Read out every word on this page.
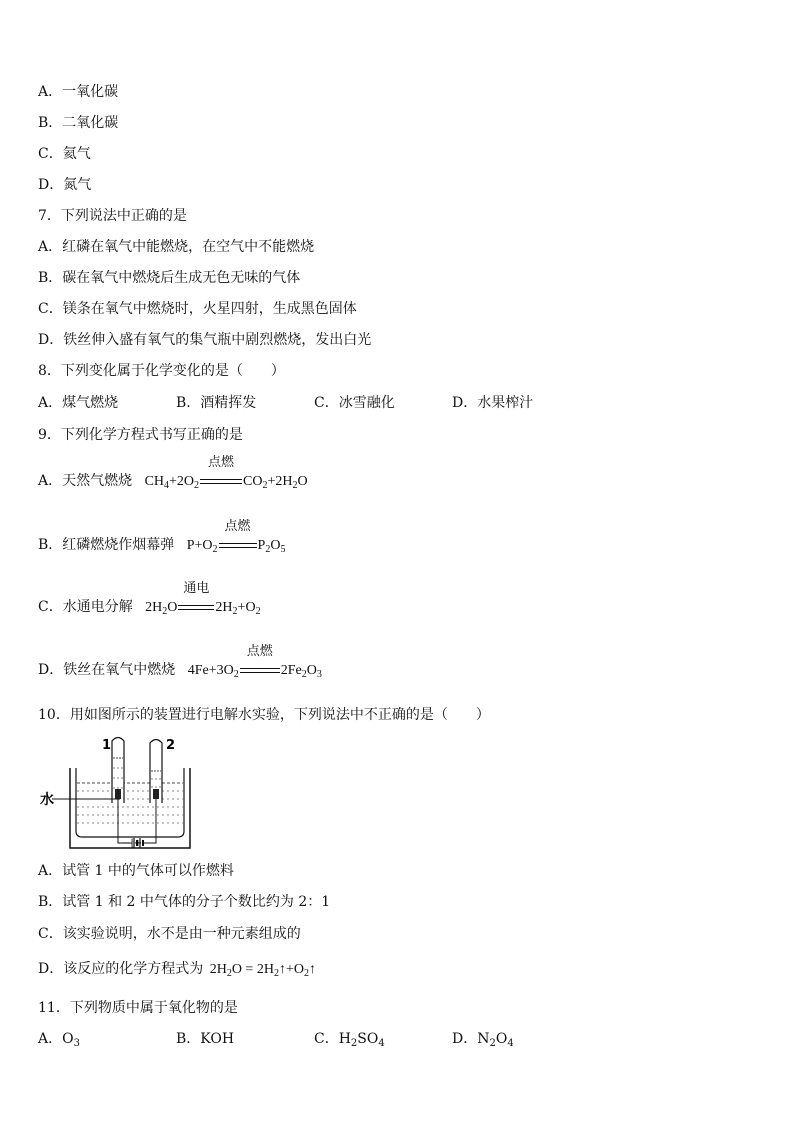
A．一氧化碳
B．二氧化碳
C．氦气
D．氮气
7．下列说法中正确的是
A．红磷在氧气中能燃烧，在空气中不能燃烧
B．碳在氧气中燃烧后生成无色无味的气体
C．镁条在氧气中燃烧时，火星四射，生成黑色固体
D．铁丝伸入盛有氧气的集气瓶中剧烈燃烧，发出白光
8．下列变化属于化学变化的是（　　）
A．煤气燃烧	B．酒精挥发	C．冰雪融化	D．水果榨汁
9．下列化学方程式书写正确的是
A．天然气燃烧 $CH_4+2O_2$
点燃
$CO_2+2H_2O$
B．红磷燃烧作烟幕弹 $P+O_2$
点燃
$P_2O_5$
C．水通电分解 $2H_2O$
通电
$2H_2+O_2$
D．铁丝在氧气中燃烧 $4Fe+3O_2$
点燃
$2Fe_2O_3$
10．用如图所示的装置进行电解水实验，下列说法中不正确的是（　　）
1	2
水
−|+
A．试管 1 中的气体可以作燃料
B．试管 1 和 2 中气体的分子个数比约为 2：1
C．该实验说明，水不是由一种元素组成的
D．该反应的化学方程式为 $2H_2O$ = $2H_2↑+O_2↑$
11．下列物质中属于氧化物的是
A．$O_3$	B．KOH	C．$H_2SO_4$	D．$N_2O_4$
